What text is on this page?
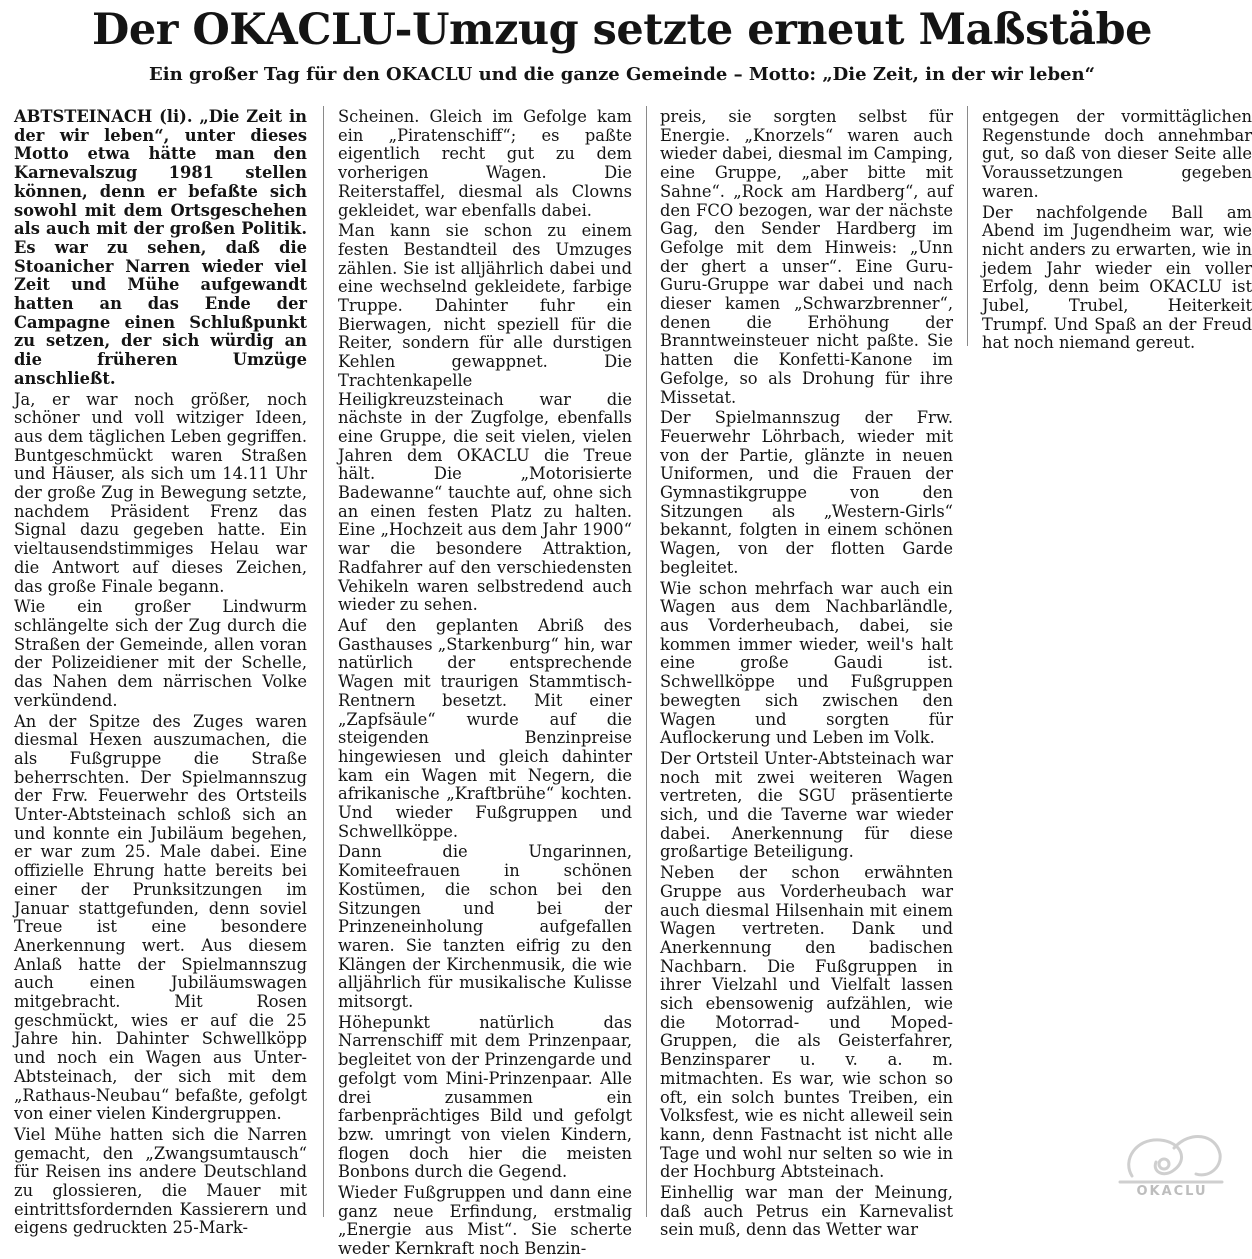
Der OKACLU-Umzug setzte erneut Maßstäbe
Ein großer Tag für den OKACLU und die ganze Gemeinde – Motto: „Die Zeit, in der wir leben“

ABTSTEINACH (li). „Die Zeit in der wir leben“, unter dieses Motto etwa hätte man den Karnevalszug 1981 stellen können, denn er befaßte sich sowohl mit dem Ortsgeschehen als auch mit der großen Politik. Es war zu sehen, daß die Stoanicher Narren wieder viel Zeit und Mühe aufgewandt hatten an das Ende der Campagne einen Schlußpunkt zu setzen, der sich würdig an die früheren Umzüge anschließt.

Ja, er war noch größer, noch schöner und voll witziger Ideen, aus dem täglichen Leben gegriffen. Buntgeschmückt waren Straßen und Häuser, als sich um 14.11 Uhr der große Zug in Bewegung setzte, nachdem Präsident Frenz das Signal dazu gegeben hatte. Ein vieltausendstimmiges Helau war die Antwort auf dieses Zeichen, das große Finale begann.

Wie ein großer Lindwurm schlängelte sich der Zug durch die Straßen der Gemeinde, allen voran der Polizeidiener mit der Schelle, das Nahen dem närrischen Volke verkündend.

An der Spitze des Zuges waren diesmal Hexen auszumachen, die als Fußgruppe die Straße beherrschten. Der Spielmannszug der Frw. Feuerwehr des Ortsteils Unter-Abtsteinach schloß sich an und konnte ein Jubiläum begehen, er war zum 25. Male dabei. Eine offizielle Ehrung hatte bereits bei einer der Prunksitzungen im Januar stattgefunden, denn soviel Treue ist eine besondere Anerkennung wert. Aus diesem Anlaß hatte der Spielmannszug auch einen Jubiläumswagen mitgebracht. Mit Rosen geschmückt, wies er auf die 25 Jahre hin. Dahinter Schwellköpp und noch ein Wagen aus Unter-Abtsteinach, der sich mit dem „Rathaus-Neubau“ befaßte, gefolgt von einer vielen Kindergruppen.

Viel Mühe hatten sich die Narren gemacht, den „Zwangsumtausch“ für Reisen ins andere Deutschland zu glossieren, die Mauer mit eintrittsfordernden Kassierern und eigens gedruckten 25-Mark-

Scheinen. Gleich im Gefolge kam ein „Piratenschiff“; es paßte eigentlich recht gut zu dem vorherigen Wagen. Die Reiterstaffel, diesmal als Clowns gekleidet, war ebenfalls dabei.

Man kann sie schon zu einem festen Bestandteil des Umzuges zählen. Sie ist alljährlich dabei und eine wechselnd gekleidete, farbige Truppe. Dahinter fuhr ein Bierwagen, nicht speziell für die Reiter, sondern für alle durstigen Kehlen gewappnet. Die Trachtenkapelle Heiligkreuzsteinach war die nächste in der Zugfolge, ebenfalls eine Gruppe, die seit vielen, vielen Jahren dem OKACLU die Treue hält. Die „Motorisierte Badewanne“ tauchte auf, ohne sich an einen festen Platz zu halten. Eine „Hochzeit aus dem Jahr 1900“ war die besondere Attraktion, Radfahrer auf den verschiedensten Vehikeln waren selbstredend auch wieder zu sehen.

Auf den geplanten Abriß des Gasthauses „Starkenburg“ hin, war natürlich der entsprechende Wagen mit traurigen Stammtisch-Rentnern besetzt. Mit einer „Zapfsäule“ wurde auf die steigenden Benzinpreise hingewiesen und gleich dahinter kam ein Wagen mit Negern, die afrikanische „Kraftbrühe“ kochten. Und wieder Fußgruppen und Schwellköppe.

Dann die Ungarinnen, Komiteefrauen in schönen Kostümen, die schon bei den Sitzungen und bei der Prinzeneinholung aufgefallen waren. Sie tanzten eifrig zu den Klängen der Kirchenmusik, die wie alljährlich für musikalische Kulisse mitsorgt.

Höhepunkt natürlich das Narrenschiff mit dem Prinzenpaar, begleitet von der Prinzengarde und gefolgt vom Mini-Prinzenpaar. Alle drei zusammen ein farbenprächtiges Bild und gefolgt bzw. umringt von vielen Kindern, flogen doch hier die meisten Bonbons durch die Gegend.

Wieder Fußgruppen und dann eine ganz neue Erfindung, erstmalig „Energie aus Mist“. Sie scherte weder Kernkraft noch Benzin-

preis, sie sorgten selbst für Energie. „Knorzels“ waren auch wieder dabei, diesmal im Camping, eine Gruppe, „aber bitte mit Sahne“. „Rock am Hardberg“, auf den FCO bezogen, war der nächste Gag, den Sender Hardberg im Gefolge mit dem Hinweis: „Unn der ghert a unser“. Eine Guru-Guru-Gruppe war dabei und nach dieser kamen „Schwarzbrenner“, denen die Erhöhung der Branntweinsteuer nicht paßte. Sie hatten die Konfetti-Kanone im Gefolge, so als Drohung für ihre Missetat.

Der Spielmannszug der Frw. Feuerwehr Löhrbach, wieder mit von der Partie, glänzte in neuen Uniformen, und die Frauen der Gymnastikgruppe von den Sitzungen als „Western-Girls“ bekannt, folgten in einem schönen Wagen, von der flotten Garde begleitet.

Wie schon mehrfach war auch ein Wagen aus dem Nachbarländle, aus Vorderheubach, dabei, sie kommen immer wieder, weil's halt eine große Gaudi ist. Schwellköppe und Fußgruppen bewegten sich zwischen den Wagen und sorgten für Auflockerung und Leben im Volk.

Der Ortsteil Unter-Abtsteinach war noch mit zwei weiteren Wagen vertreten, die SGU präsentierte sich, und die Taverne war wieder dabei. Anerkennung für diese großartige Beteiligung.

Neben der schon erwähnten Gruppe aus Vorderheubach war auch diesmal Hilsenhain mit einem Wagen vertreten. Dank und Anerkennung den badischen Nachbarn. Die Fußgruppen in ihrer Vielzahl und Vielfalt lassen sich ebensowenig aufzählen, wie die Motorrad- und Moped-Gruppen, die als Geisterfahrer, Benzinsparer u. v. a. m. mitmachten. Es war, wie schon so oft, ein solch buntes Treiben, ein Volksfest, wie es nicht alleweil sein kann, denn Fastnacht ist nicht alle Tage und wohl nur selten so wie in der Hochburg Abtsteinach.

Einhellig war man der Meinung, daß auch Petrus ein Karnevalist sein muß, denn das Wetter war

entgegen der vormittäglichen Regenstunde doch annehmbar gut, so daß von dieser Seite alle Voraussetzungen gegeben waren.

Der nachfolgende Ball am Abend im Jugendheim war, wie nicht anders zu erwarten, wie in jedem Jahr wieder ein voller Erfolg, denn beim OKACLU ist Jubel, Trubel, Heiterkeit Trumpf. Und Spaß an der Freud hat noch niemand gereut.

OKACLU
